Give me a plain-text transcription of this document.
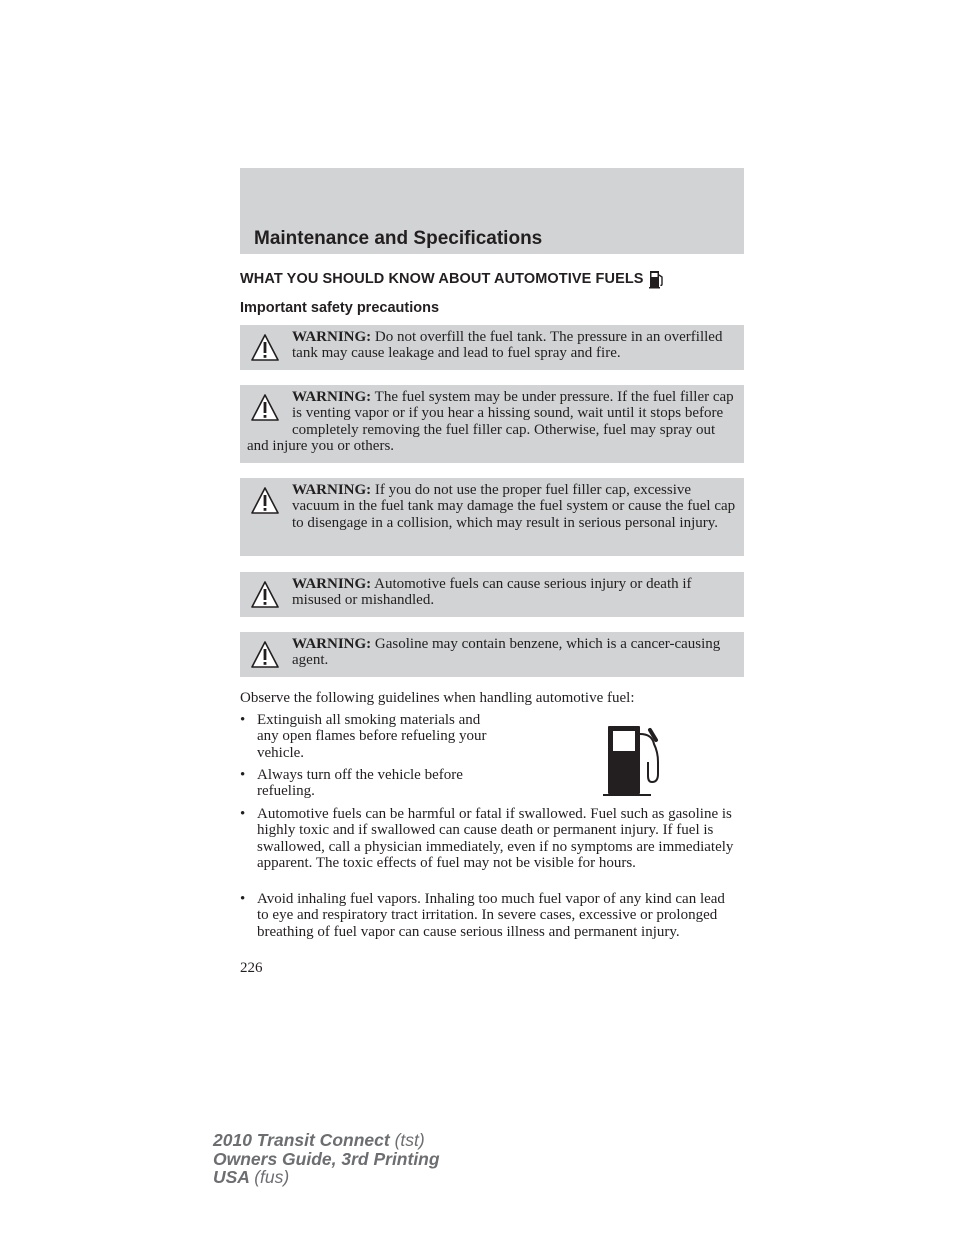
Maintenance and Specifications
WHAT YOU SHOULD KNOW ABOUT AUTOMOTIVE FUELS
Important safety precautions
WARNING: Do not overfill the fuel tank. The pressure in an overfilled tank may cause leakage and lead to fuel spray and fire.
WARNING: The fuel system may be under pressure. If the fuel filler cap is venting vapor or if you hear a hissing sound, wait until it stops before completely removing the fuel filler cap. Otherwise, fuel may spray out and injure you or others.
WARNING: If you do not use the proper fuel filler cap, excessive vacuum in the fuel tank may damage the fuel system or cause the fuel cap to disengage in a collision, which may result in serious personal injury.
WARNING: Automotive fuels can cause serious injury or death if misused or mishandled.
WARNING: Gasoline may contain benzene, which is a cancer-causing agent.
Observe the following guidelines when handling automotive fuel:
• Extinguish all smoking materials and any open flames before refueling your vehicle.
• Always turn off the vehicle before refueling.
• Automotive fuels can be harmful or fatal if swallowed. Fuel such as gasoline is highly toxic and if swallowed can cause death or permanent injury. If fuel is swallowed, call a physician immediately, even if no symptoms are immediately apparent. The toxic effects of fuel may not be visible for hours.
• Avoid inhaling fuel vapors. Inhaling too much fuel vapor of any kind can lead to eye and respiratory tract irritation. In severe cases, excessive or prolonged breathing of fuel vapor can cause serious illness and permanent injury.
226
2010 Transit Connect (tst)
Owners Guide, 3rd Printing
USA (fus)
